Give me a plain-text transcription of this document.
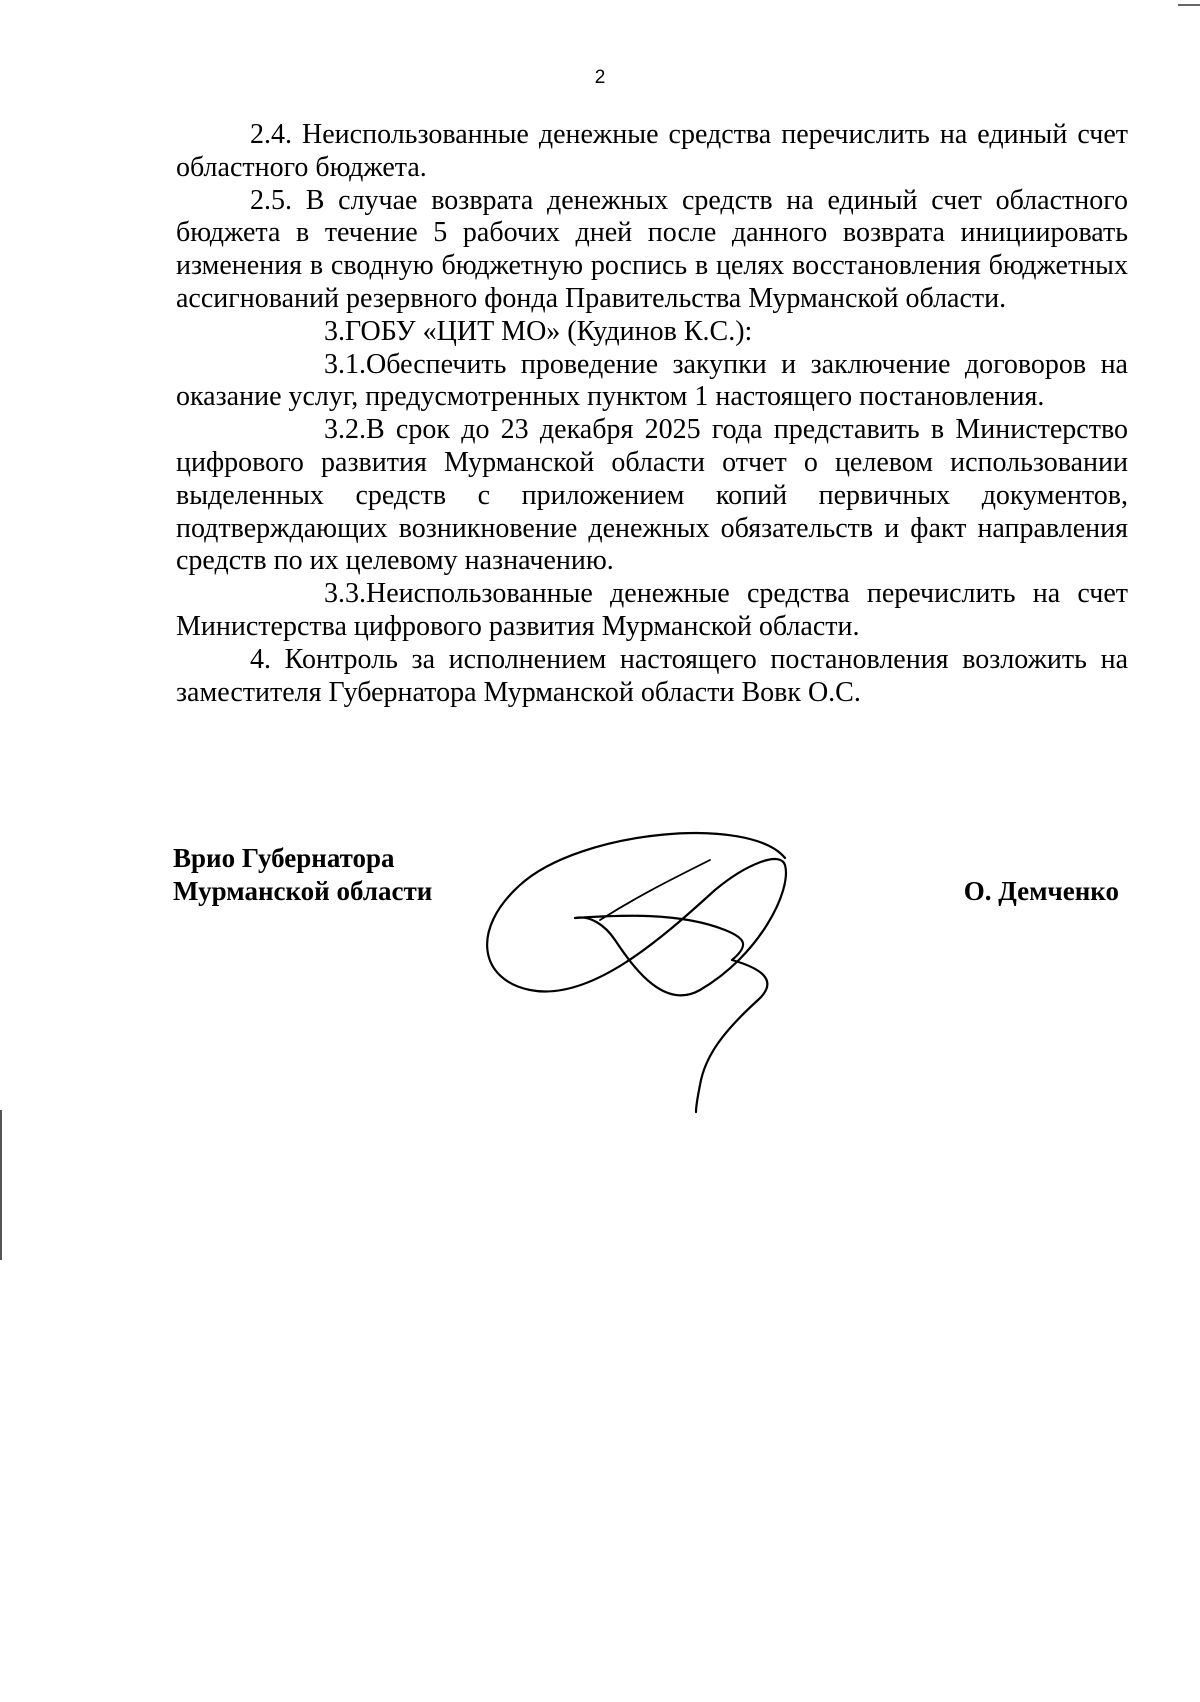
2

2.4. Неиспользованные денежные средства перечислить на единый счет областного бюджета.

2.5. В случае возврата денежных средств на единый счет областного бюджета в течение 5 рабочих дней после данного возврата инициировать изменения в сводную бюджетную роспись в целях восстановления бюджетных ассигнований резервного фонда Правительства Мурманской области.

3.ГОБУ «ЦИТ МО» (Кудинов К.С.):

3.1.Обеспечить проведение закупки и заключение договоров на оказание услуг, предусмотренных пунктом 1 настоящего постановления.

3.2.В срок до 23 декабря 2025 года представить в Министерство цифрового развития Мурманской области отчет о целевом использовании выделенных средств с приложением копий первичных документов, подтверждающих возникновение денежных обязательств и факт направления средств по их целевому назначению.

3.3.Неиспользованные денежные средства перечислить на счет Министерства цифрового развития Мурманской области.

4. Контроль за исполнением настоящего постановления возложить на заместителя Губернатора Мурманской области Вовк О.С.

Врио Губернатора
Мурманской области	О. Демченко
